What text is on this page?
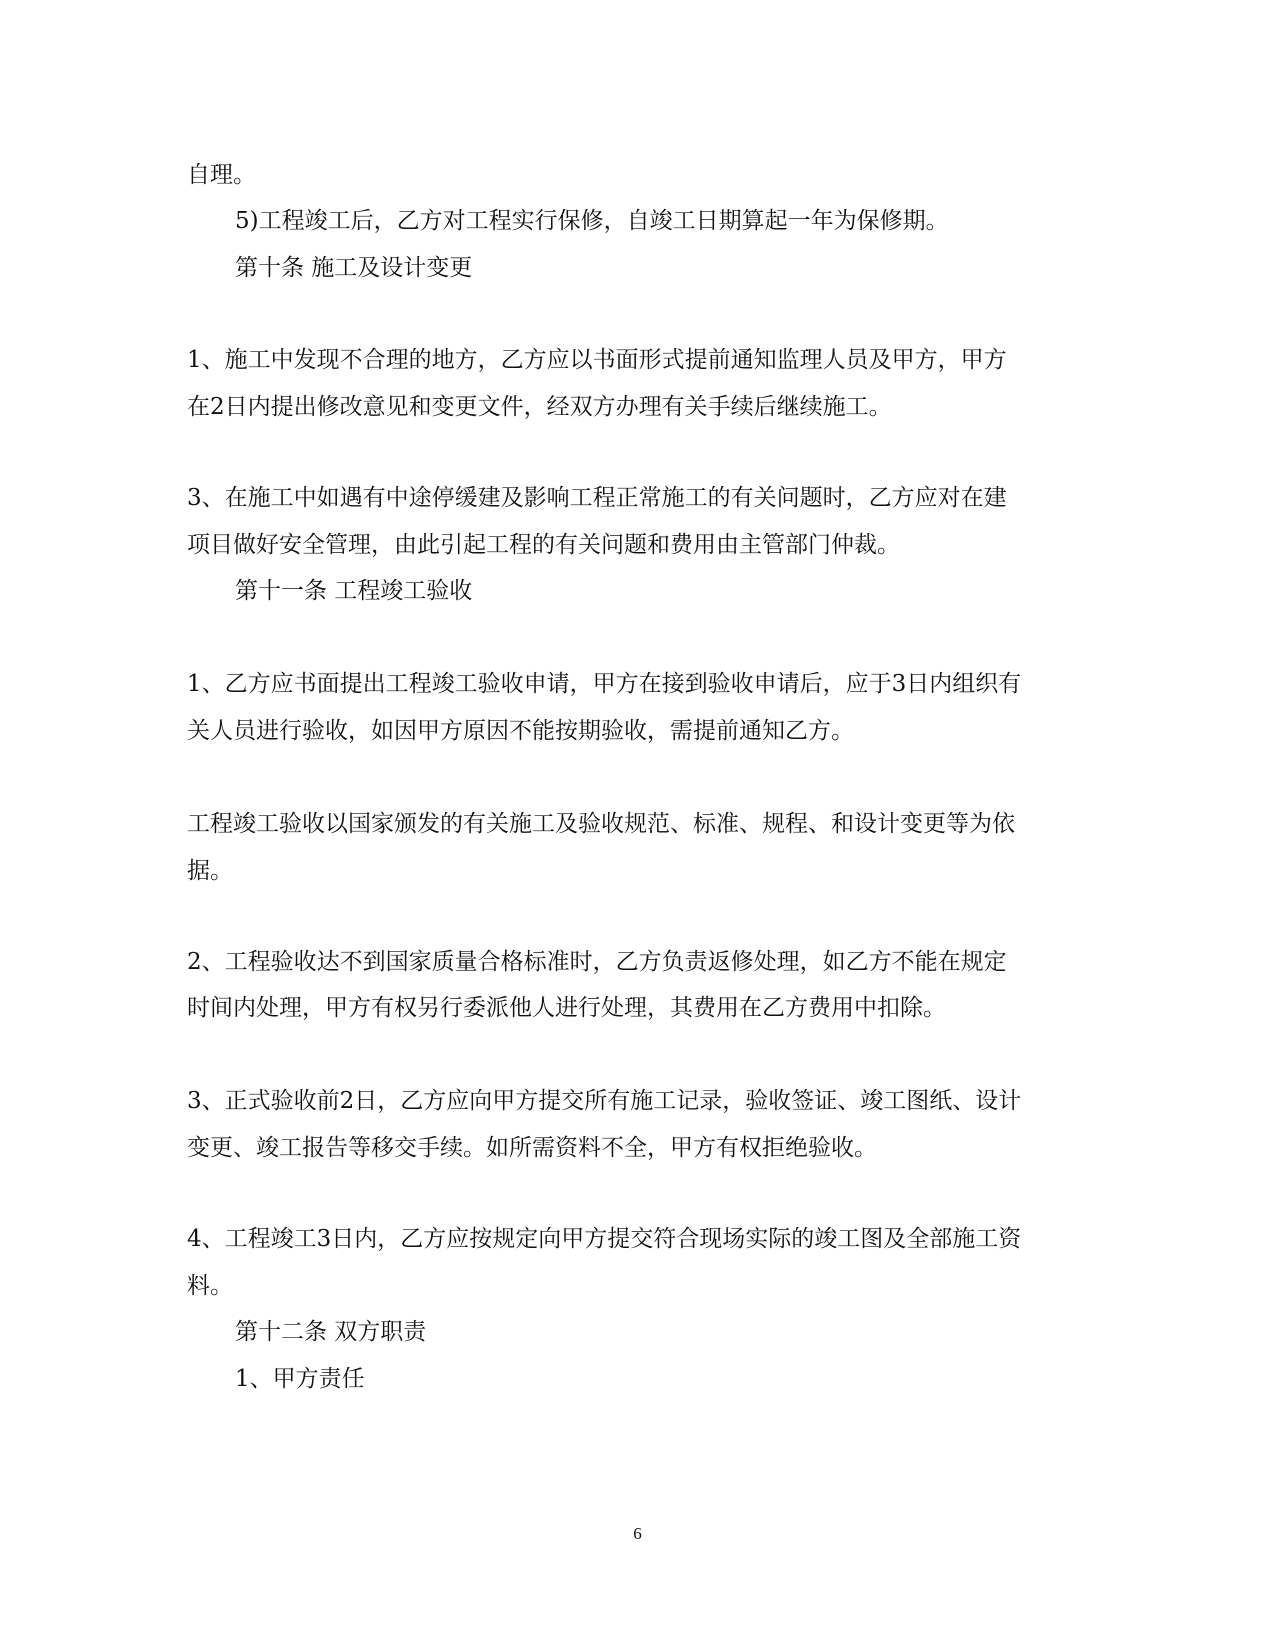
自理。
5)工程竣工后，乙方对工程实行保修，自竣工日期算起一年为保修期。
第十条 施工及设计变更
1、施工中发现不合理的地方，乙方应以书面形式提前通知监理人员及甲方，甲方
在2日内提出修改意见和变更文件，经双方办理有关手续后继续施工。
3、在施工中如遇有中途停缓建及影响工程正常施工的有关问题时，乙方应对在建
项目做好安全管理，由此引起工程的有关问题和费用由主管部门仲裁。
第十一条 工程竣工验收
1、乙方应书面提出工程竣工验收申请，甲方在接到验收申请后，应于3日内组织有
关人员进行验收，如因甲方原因不能按期验收，需提前通知乙方。
工程竣工验收以国家颁发的有关施工及验收规范、标准、规程、和设计变更等为依
据。
2、工程验收达不到国家质量合格标准时，乙方负责返修处理，如乙方不能在规定
时间内处理，甲方有权另行委派他人进行处理，其费用在乙方费用中扣除。
3、正式验收前2日，乙方应向甲方提交所有施工记录，验收签证、竣工图纸、设计
变更、竣工报告等移交手续。如所需资料不全，甲方有权拒绝验收。
4、工程竣工3日内，乙方应按规定向甲方提交符合现场实际的竣工图及全部施工资
料。
第十二条 双方职责
1、甲方责任
6
